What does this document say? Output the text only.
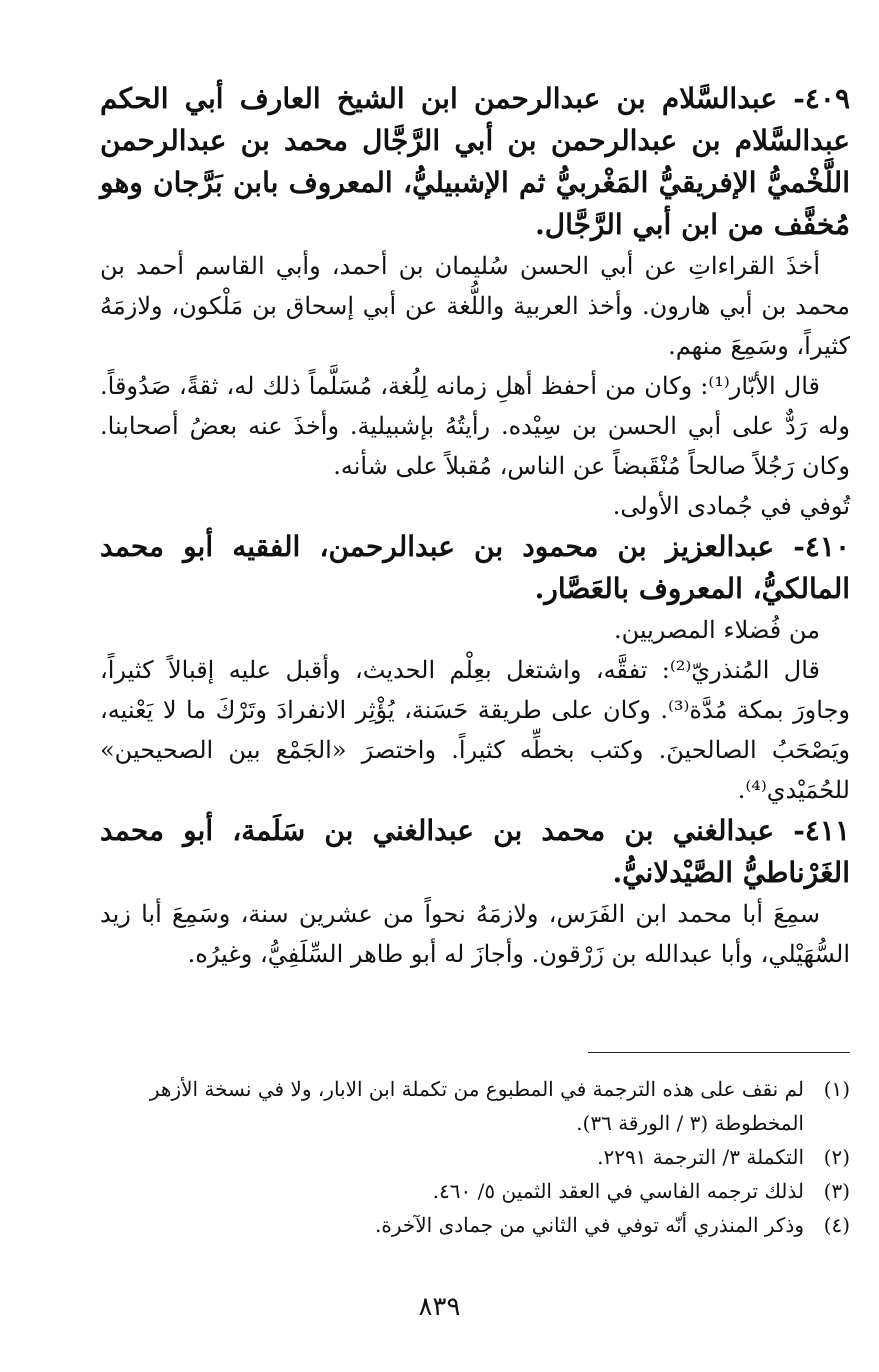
٤٠٩- عبدالسَّلام بن عبدالرحمن ابن الشيخ العارف أبي الحكم عبدالسَّلام بن عبدالرحمن بن أبي الرَّجَّال محمد بن عبدالرحمن اللَّخْميُّ الإفريقيُّ المَغْربيُّ ثم الإشبيليُّ، المعروف بابن بَرَّجان وهو مُخفَّف من ابن أبي الرَّجَّال.

أخذَ القراءاتِ عن أبي الحسن سُليمان بن أحمد، وأبي القاسم أحمد بن محمد بن أبي هارون. وأخذ العربية واللُّغة عن أبي إسحاق بن مَلْكون، ولازمَهُ كثيراً، وسَمِعَ منهم.

قال الأبّار⁽¹⁾: وكان من أحفظ أهلِ زمانه لِلُغة، مُسَلَّماً ذلك له، ثقةً، صَدُوقاً. وله رَدٌّ على أبي الحسن بن سِيْده. رأيتُهُ بإشبيلية. وأخذَ عنه بعضُ أصحابنا. وكان رَجُلاً صالحاً مُنْقَبضاً عن الناس، مُقبلاً على شأنه.

تُوفي في جُمادى الأولى.

٤١٠- عبدالعزيز بن محمود بن عبدالرحمن، الفقيه أبو محمد المالكيُّ، المعروف بالعَصَّار.

من فُضلاء المصريين.

قال المُنذريّ⁽²⁾: تفقَّه، واشتغل بعِلْم الحديث، وأقبل عليه إقبالاً كثيراً، وجاورَ بمكة مُدَّة⁽³⁾. وكان على طريقة حَسَنة، يُؤْثِر الانفرادَ وتَرْكَ ما لا يَعْنيه، ويَصْحَبُ الصالحينَ. وكتب بخطِّه كثيراً. واختصرَ «الجَمْع بين الصحيحين» للحُمَيْدي⁽⁴⁾.

٤١١- عبدالغني بن محمد بن عبدالغني بن سَلَمة، أبو محمد الغَرْناطيُّ الصَّيْدلانيُّ.

سمِعَ أبا محمد ابن الفَرَس، ولازمَهُ نحواً من عشرين سنة، وسَمِعَ أبا زيد السُّهَيْلي، وأبا عبدالله بن زَرْقون. وأجازَ له أبو طاهر السِّلَفِيُّ، وغيرُه.

(١)
لم نقف على هذه الترجمة في المطبوع من تكملة ابن الابار، ولا في نسخة الأزهر المخطوطة (٣ / الورقة ٣٦).
(٢)
التكملة ٣/ الترجمة ٢٢٩١.
(٣)
لذلك ترجمه الفاسي في العقد الثمين ٥/ ٤٦٠.
(٤)
وذكر المنذري أنّه توفي في الثاني من جمادى الآخرة.
٨٣٩
